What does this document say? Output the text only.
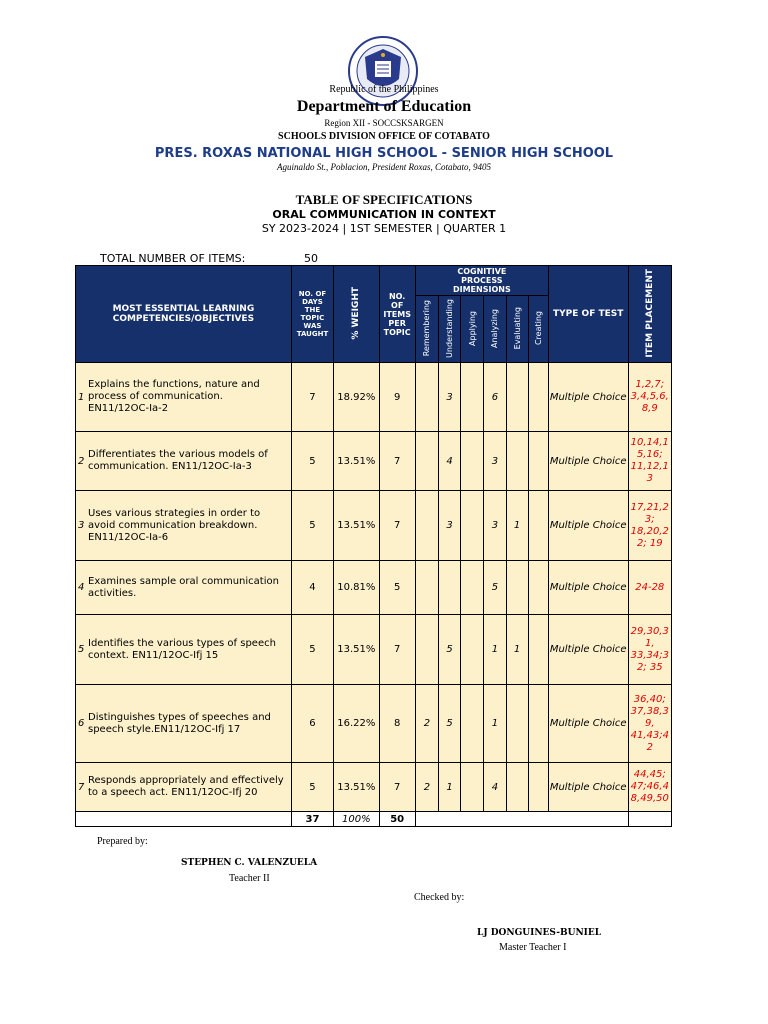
Republic of the Philippines
Department of Education
Region XII - SOCCSKSARGEN
SCHOOLS DIVISION OFFICE OF COTABATO
PRES. ROXAS NATIONAL HIGH SCHOOL - SENIOR HIGH SCHOOL
Aguinaldo St., Poblacion, President Roxas, Cotabato, 9405
TABLE OF SPECIFICATIONS
ORAL COMMUNICATION IN CONTEXT
SY 2023-2024 | 1ST SEMESTER | QUARTER 1
TOTAL NUMBER OF ITEMS:	50
MOST ESSENTIAL LEARNING COMPETENCIES/OBJECTIVES	NO. OF DAYS THE TOPIC WAS TAUGHT	% WEIGHT	NO. OF ITEMS PER TOPIC	COGNITIVE PROCESS DIMENSIONS						TYPE OF TEST	ITEM PLACEMENT
				Remembering	Understanding	Applying	Analyzing	Evaluating	Creating		

1
Explains the functions, nature and process of communication. EN11/12OC-Ia-2	7	18.92%	9		3		6			Multiple Choice	1,2,7; 3,4,5,6, 8,9

2
Differentiates the various models of communication. EN11/12OC-Ia-3	5	13.51%	7		4		3			Multiple Choice	10,14,1 5,16; 11,12,1 3

3
Uses various strategies in order to avoid communication breakdown. EN11/12OC-Ia-6	5	13.51%	7		3		3	1		Multiple Choice	17,21,2 3; 18,20,2 2; 19

4
Examines sample oral communication activities.	4	10.81%	5				5			Multiple Choice	24-28

5
Identifies the various types of speech context. EN11/12OC-Ifj 15	5	13.51%	7		5		1	1		Multiple Choice	29,30,3 1, 33,34;3 2; 35

6
Distinguishes types of speeches and speech style.EN11/12OC-Ifj 17	6	16.22%	8	2	5		1			Multiple Choice	36,40; 37,38,3 9, 41,43;4 2

7
Responds appropriately and effectively to a speech act. EN11/12OC-Ifj 20	5	13.51%	7	2	1		4			Multiple Choice	44,45; 47;46,4 8,49,50
	37	100%	50								
Prepared by:
STEPHEN C. VALENZUELA
Teacher II
Checked by:
LJ DONGUINES-BUNIEL
Master Teacher I
